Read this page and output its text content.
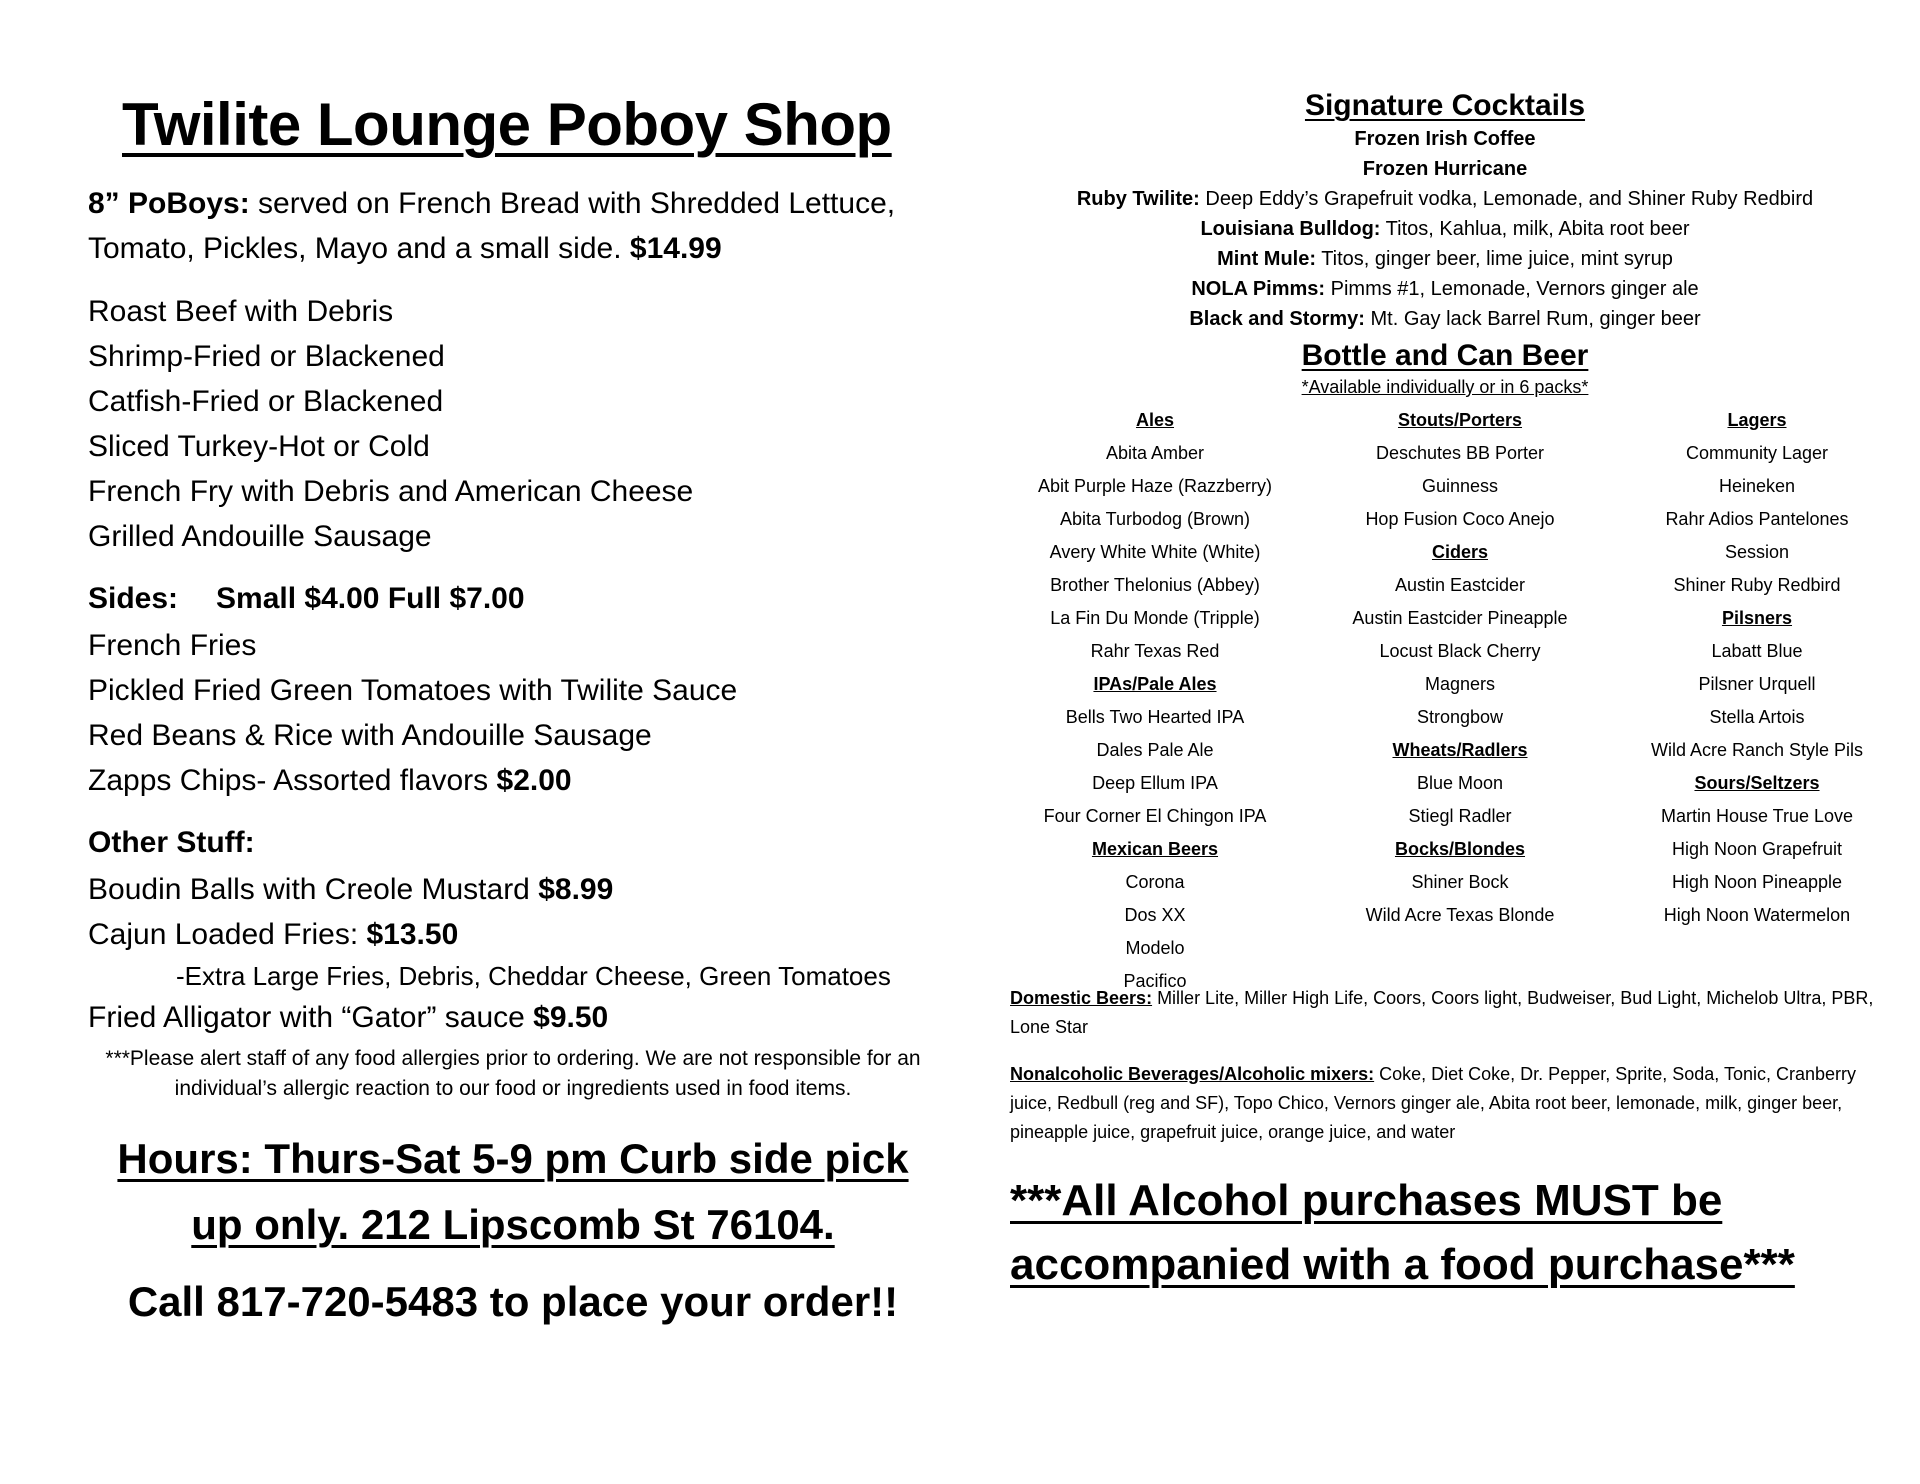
Twilite Lounge Poboy Shop
8” PoBoys: served on French Bread with Shredded Lettuce, Tomato, Pickles, Mayo and a small side. $14.99
Roast Beef with Debris
Shrimp-Fried or Blackened
Catfish-Fried or Blackened
Sliced Turkey-Hot or Cold
French Fry with Debris and American Cheese
Grilled Andouille Sausage
Sides: Small $4.00 Full $7.00
French Fries
Pickled Fried Green Tomatoes with Twilite Sauce
Red Beans & Rice with Andouille Sausage
Zapps Chips- Assorted flavors $2.00
Other Stuff:
Boudin Balls with Creole Mustard $8.99
Cajun Loaded Fries: $13.50
-Extra Large Fries, Debris, Cheddar Cheese, Green Tomatoes
Fried Alligator with “Gator” sauce $9.50
***Please alert staff of any food allergies prior to ordering. We are not responsible for an individual’s allergic reaction to our food or ingredients used in food items.
Hours: Thurs-Sat 5-9 pm Curb side pick up only. 212 Lipscomb St 76104.
Call 817-720-5483 to place your order!!
Signature Cocktails
Frozen Irish Coffee
Frozen Hurricane
Ruby Twilite: Deep Eddy’s Grapefruit vodka, Lemonade, and Shiner Ruby Redbird
Louisiana Bulldog: Titos, Kahlua, milk, Abita root beer
Mint Mule: Titos, ginger beer, lime juice, mint syrup
NOLA Pimms: Pimms #1, Lemonade, Vernors ginger ale
Black and Stormy: Mt. Gay lack Barrel Rum, ginger beer
Bottle and Can Beer
*Available individually or in 6 packs*
Ales
Abita Amber
Abit Purple Haze (Razzberry)
Abita Turbodog (Brown)
Avery White White (White)
Brother Thelonius (Abbey)
La Fin Du Monde (Tripple)
Rahr Texas Red
IPAs/Pale Ales
Bells Two Hearted IPA
Dales Pale Ale
Deep Ellum IPA
Four Corner El Chingon IPA
Mexican Beers
Corona
Dos XX
Modelo
Pacifico
Stouts/Porters
Deschutes BB Porter
Guinness
Hop Fusion Coco Anejo
Ciders
Austin Eastcider
Austin Eastcider Pineapple
Locust Black Cherry
Magners
Strongbow
Wheats/Radlers
Blue Moon
Stiegl Radler
Bocks/Blondes
Shiner Bock
Wild Acre Texas Blonde
Lagers
Community Lager
Heineken
Rahr Adios Pantelones
Session
Shiner Ruby Redbird
Pilsners
Labatt Blue
Pilsner Urquell
Stella Artois
Wild Acre Ranch Style Pils
Sours/Seltzers
Martin House True Love
High Noon Grapefruit
High Noon Pineapple
High Noon Watermelon
Domestic Beers: Miller Lite, Miller High Life, Coors, Coors light, Budweiser, Bud Light, Michelob Ultra, PBR, Lone Star
Nonalcoholic Beverages/Alcoholic mixers: Coke, Diet Coke, Dr. Pepper, Sprite, Soda, Tonic, Cranberry juice, Redbull (reg and SF), Topo Chico, Vernors ginger ale, Abita root beer, lemonade, milk, ginger beer, pineapple juice, grapefruit juice, orange juice, and water
***All Alcohol purchases MUST be accompanied with a food purchase***
